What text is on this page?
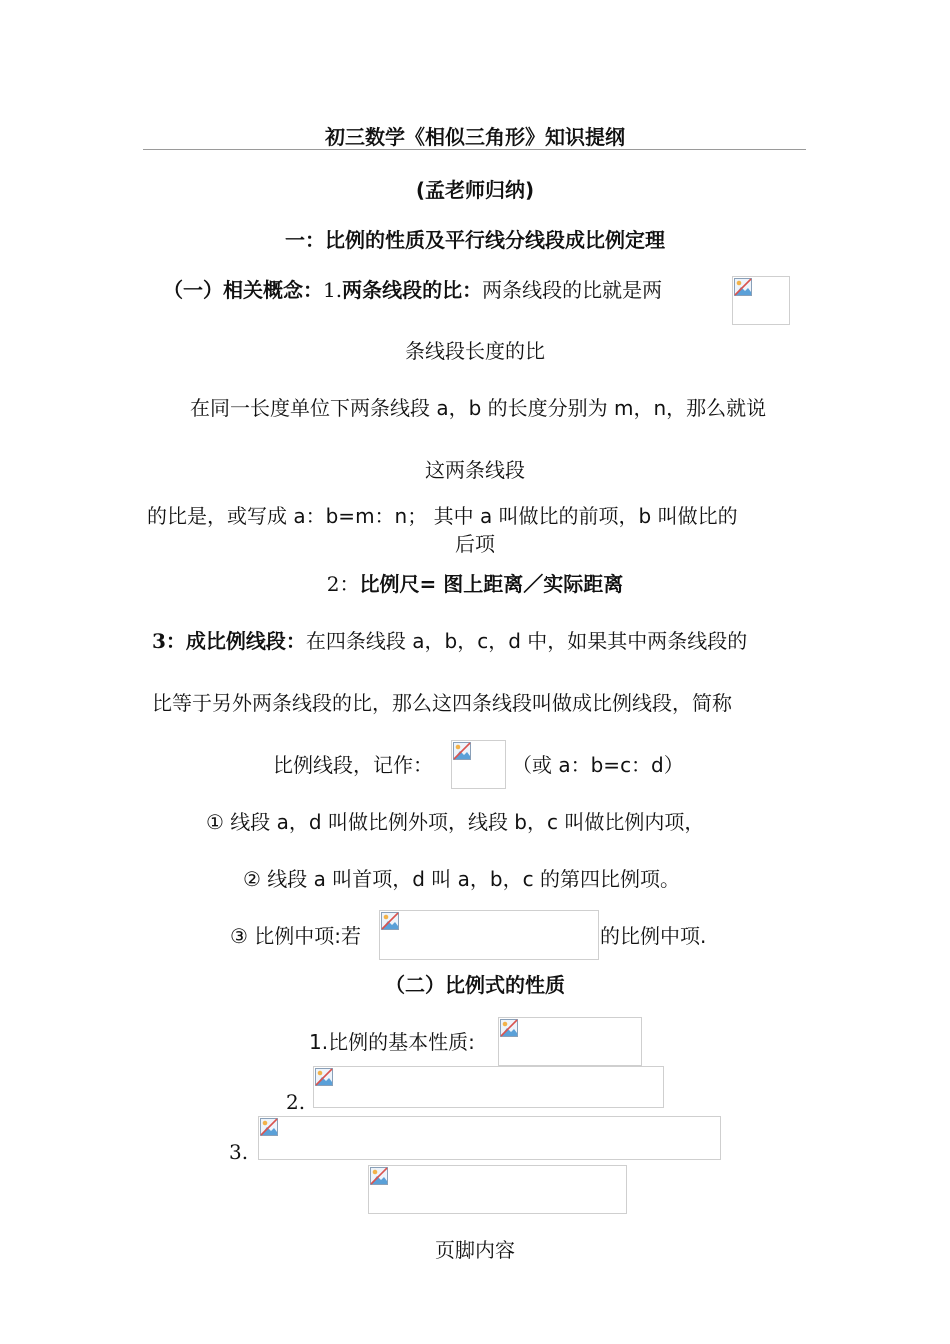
初三数学《相似三角形》知识提纲
(孟老师归纳)
一：比例的性质及平行线分线段成比例定理
（一）相关概念：1.两条线段的比：两条线段的比就是两
条线段长度的比
在同一长度单位下两条线段 a，b 的长度分别为 m，n，那么就说
这两条线段
的比是，或写成 a：b=m：n； 其中 a 叫做比的前项，b 叫做比的
后项
2：比例尺= 图上距离／实际距离
3：成比例线段：在四条线段 a，b，c，d 中，如果其中两条线段的
比等于另外两条线段的比，那么这四条线段叫做成比例线段，简称
比例线段，记作：	（或 a：b=c：d）
① 线段 a，d 叫做比例外项，线段 b，c 叫做比例内项，
② 线段 a 叫首项，d 叫 a，b，c 的第四比例项。
③ 比例中项:若	的比例中项.
（二）比例式的性质
1.比例的基本性质:
2.
3.
页脚内容
